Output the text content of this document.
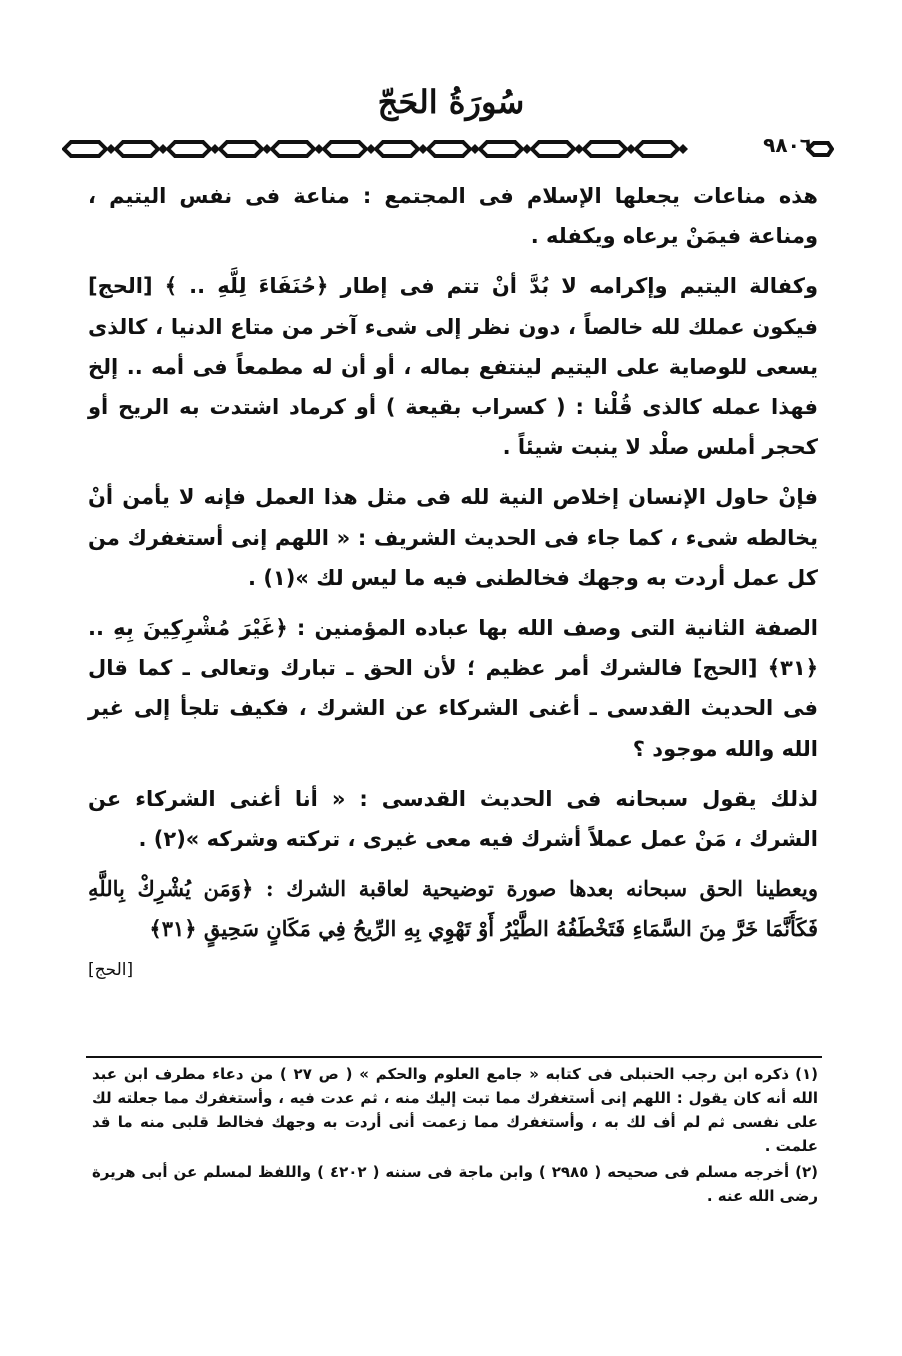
سُورَةُ الحَجّ
٩٨٠٦

هذه مناعات يجعلها الإسلام فى المجتمع : مناعة فى نفس اليتيم ، ومناعة فيمَنْ يرعاه ويكفله .

وكفالة اليتيم وإكرامه لا بُدَّ أنْ تتم فى إطار ﴿حُنَفَاءَ لِلَّهِ .. ﴾ [الحج] فيكون عملك لله خالصاً ، دون نظر إلى شىء آخر من متاع الدنيا ، كالذى يسعى للوصاية على اليتيم لينتفع بماله ، أو أن له مطمعاً فى أمه .. إلخ فهذا عمله كالذى قُلْنا : ( كسراب بقيعة ) أو كرماد اشتدت به الريح أو كحجر أملس صلْد لا ينبت شيئاً .

فإنْ حاول الإنسان إخلاص النية لله فى مثل هذا العمل فإنه لا يأمن أنْ يخالطه شىء ، كما جاء فى الحديث الشريف : « اللهم إنى أستغفرك من كل عمل أردت به وجهك فخالطنى فيه ما ليس لك »(١) .

الصفة الثانية التى وصف الله بها عباده المؤمنين : ﴿غَيْرَ مُشْرِكِينَ بِهِ .. ﴿٣١﴾ [الحج] فالشرك أمر عظيم ؛ لأن الحق ـ تبارك وتعالى ـ كما قال فى الحديث القدسى ـ أغنى الشركاء عن الشرك ، فكيف تلجأ إلى غير الله والله موجود ؟

لذلك يقول سبحانه فى الحديث القدسى : « أنا أغنى الشركاء عن الشرك ، مَنْ عمل عملاً أشرك فيه معى غيرى ، تركته وشركه »(٢) .

ويعطينا الحق سبحانه بعدها صورة توضيحية لعاقبة الشرك : ﴿وَمَن يُشْرِكْ بِاللَّهِ فَكَأَنَّمَا خَرَّ مِنَ السَّمَاءِ فَتَخْطَفُهُ الطَّيْرُ أَوْ تَهْوِي بِهِ الرِّيحُ فِي مَكَانٍ سَحِيقٍ ﴿٣١﴾

[الحج]

(١)ذكره ابن رجب الحنبلى فى كتابه « جامع العلوم والحكم » ( ص ٢٧ ) من دعاء مطرف ابن عبد الله أنه كان يقول : اللهم إنى أستغفرك مما تبت إليك منه ، ثم عدت فيه ، وأستغفرك مما جعلته لك على نفسى ثم لم أف لك به ، وأستغفرك مما زعمت أنى أردت به وجهك فخالط قلبى منه ما قد علمت .

(٢)أخرجه مسلم فى صحيحه ( ٢٩٨٥ ) وابن ماجة فى سننه ( ٤٢٠٢ ) واللفظ لمسلم عن أبى هريرة رضى الله عنه .
